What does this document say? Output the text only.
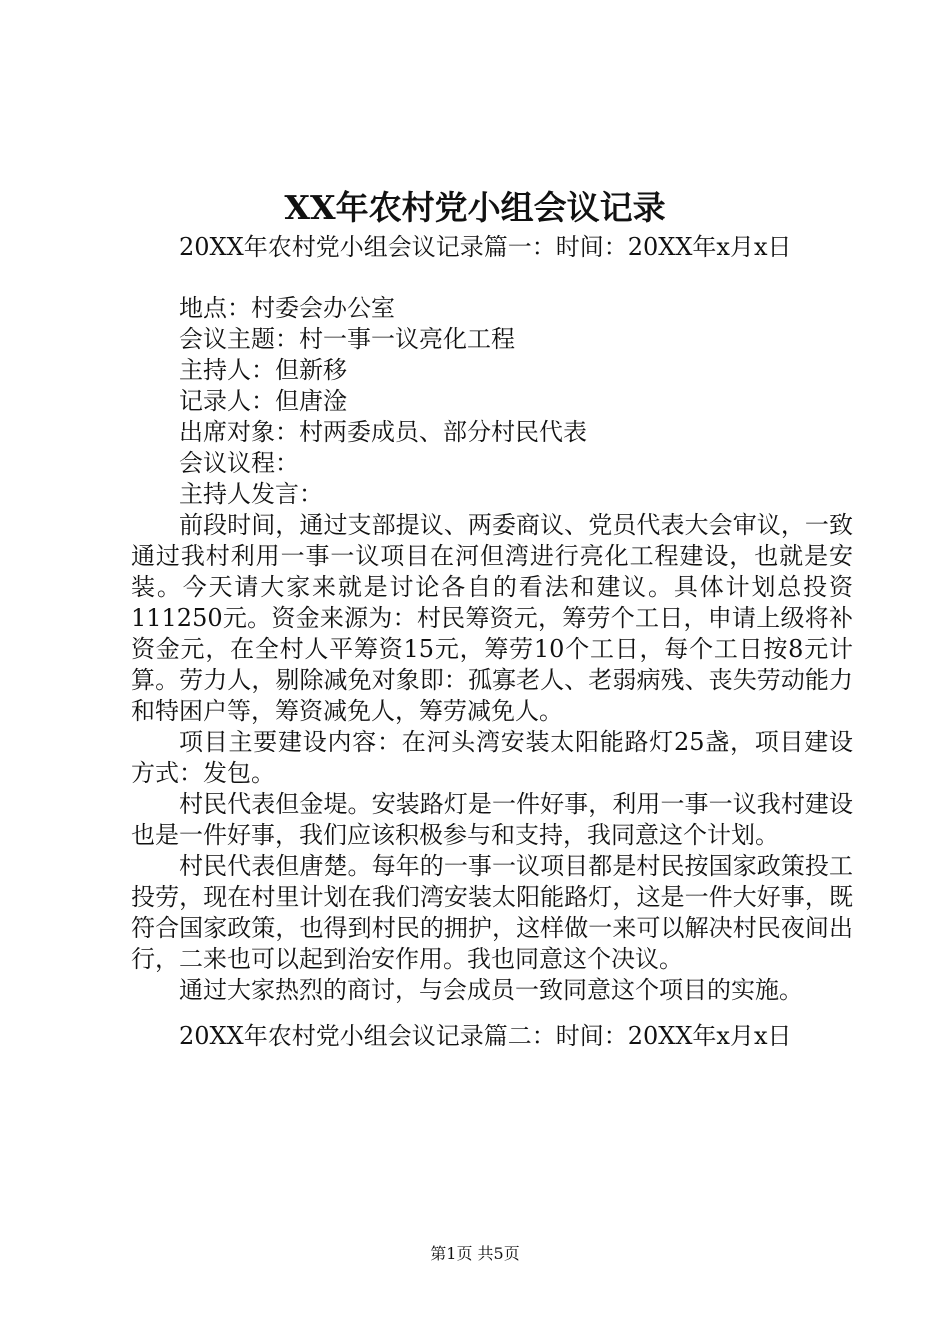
XX年农村党小组会议记录
20XX年农村党小组会议记录篇一：时间：20XX年x月x日
地点：村委会办公室
会议主题：村一事一议亮化工程
主持人：但新移
记录人：但唐淦
出席对象：村两委成员、部分村民代表
会议议程：
主持人发言：

前段时间，通过支部提议、两委商议、党员代表大会审议，一致通过我村利用一事一议项目在河但湾进行亮化工程建设，也就是安装。今天请大家来就是讨论各自的看法和建议。具体计划总投资111250元。资金来源为：村民筹资元，筹劳个工日，申请上级将补资金元，在全村人平筹资15元，筹劳10个工日，每个工日按8元计算。劳力人，剔除减免对象即：孤寡老人、老弱病残、丧失劳动能力和特困户等，筹资减免人，筹劳减免人。

项目主要建设内容：在河头湾安装太阳能路灯25盏，项目建设方式：发包。

村民代表但金堤。安装路灯是一件好事，利用一事一议我村建设也是一件好事，我们应该积极参与和支持，我同意这个计划。

村民代表但唐楚。每年的一事一议项目都是村民按国家政策投工投劳，现在村里计划在我们湾安装太阳能路灯，这是一件大好事，既符合国家政策，也得到村民的拥护，这样做一来可以解决村民夜间出行，二来也可以起到治安作用。我也同意这个决议。

通过大家热烈的商讨，与会成员一致同意这个项目的实施。

20XX年农村党小组会议记录篇二：时间：20XX年x月x日
第1页 共5页
